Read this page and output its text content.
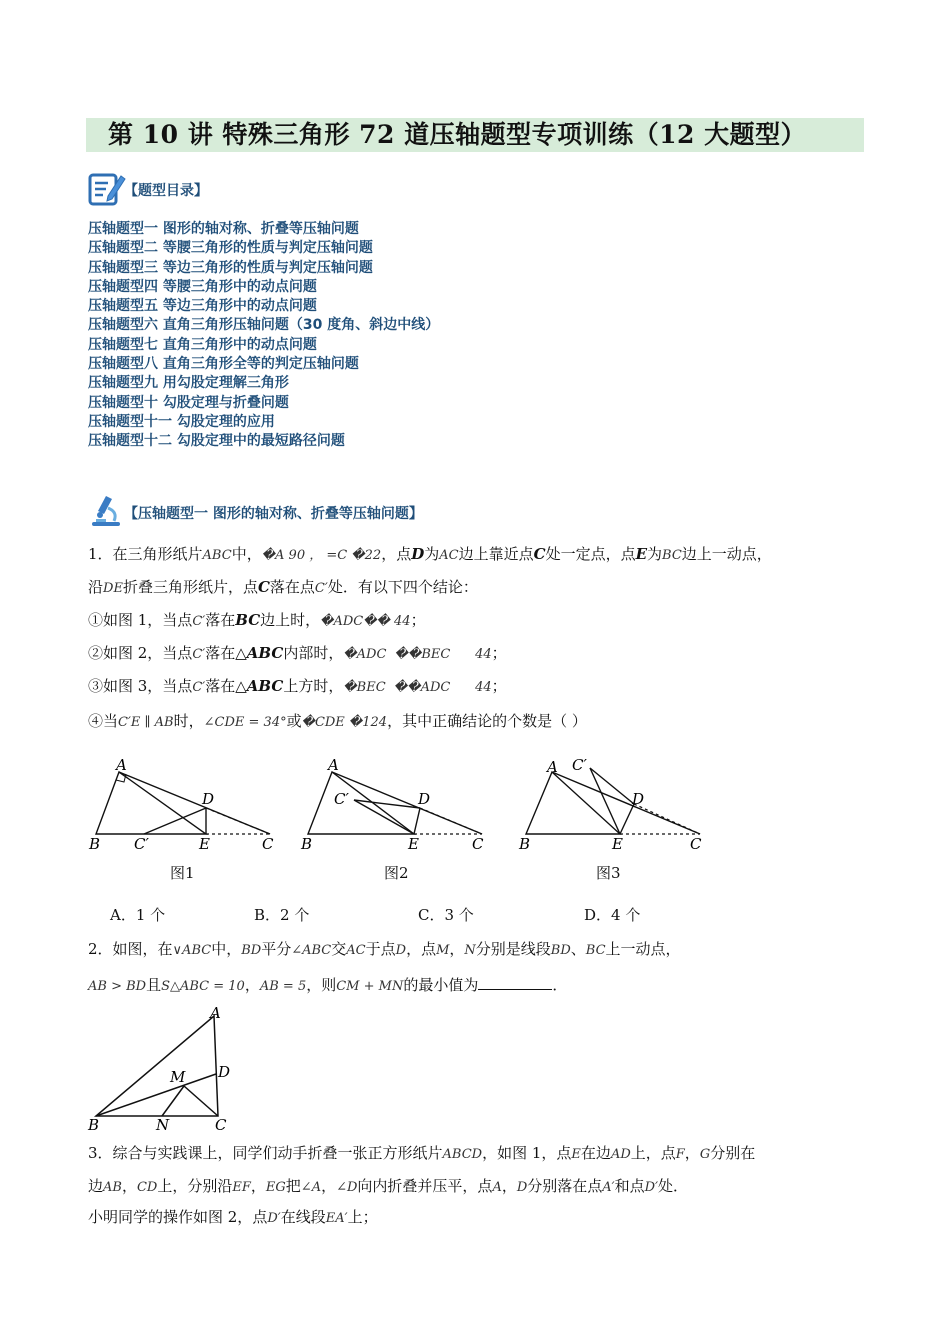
第 10 讲 特殊三角形 72 道压轴题型专项训练（12 大题型）
【题型目录】
压轴题型一 图形的轴对称、折叠等压轴问题
压轴题型二 等腰三角形的性质与判定压轴问题
压轴题型三 等边三角形的性质与判定压轴问题
压轴题型四 等腰三角形中的动点问题
压轴题型五 等边三角形中的动点问题
压轴题型六 直角三角形压轴问题（30 度角、斜边中线）
压轴题型七 直角三角形中的动点问题
压轴题型八 直角三角形全等的判定压轴问题
压轴题型九 用勾股定理解三角形
压轴题型十 勾股定理与折叠问题
压轴题型十一 勾股定理的应用
压轴题型十二 勾股定理中的最短路径问题
【压轴题型一 图形的轴对称、折叠等压轴问题】
1．在三角形纸片ABC中，�A 90 ， =C �22，点D为AC边上靠近点C处一定点，点E为BC边上一动点，
沿DE折叠三角形纸片，点C落在点C′处．有以下四个结论：
①如图 1，当点C′落在BC边上时，�ADC�� 44；
②如图 2，当点C′落在△ABC内部时，�ADC  ��BEC      44；
③如图 3，当点C′落在△ABC上方时，�BEC  ��ADC      44；
④当C′E ∥ AB时，∠CDE = 34°或�CDE �124，其中正确结论的个数是（ ）
A
B C′
D
E	C
图1
A
C′	D
B	E	C
图2
A C′
D
B	E	C
图3
A．1 个	B．2 个	C．3 个	D．4 个
2．如图，在∨ABC中，BD平分∠ABC交AC于点D，点M，N分别是线段BD、BC上一动点，
AB > BD且S△ABC = 10，AB = 5，则CM + MN的最小值为	．
A
D
M
B	N	C
3．综合与实践课上，同学们动手折叠一张正方形纸片ABCD，如图 1，点E在边AD上，点F，G分别在
边AB，CD上，分别沿EF，EG把∠A，∠D向内折叠并压平，点A，D分别落在点A′和点D′处．
小明同学的操作如图 2，点D′在线段EA′上；
